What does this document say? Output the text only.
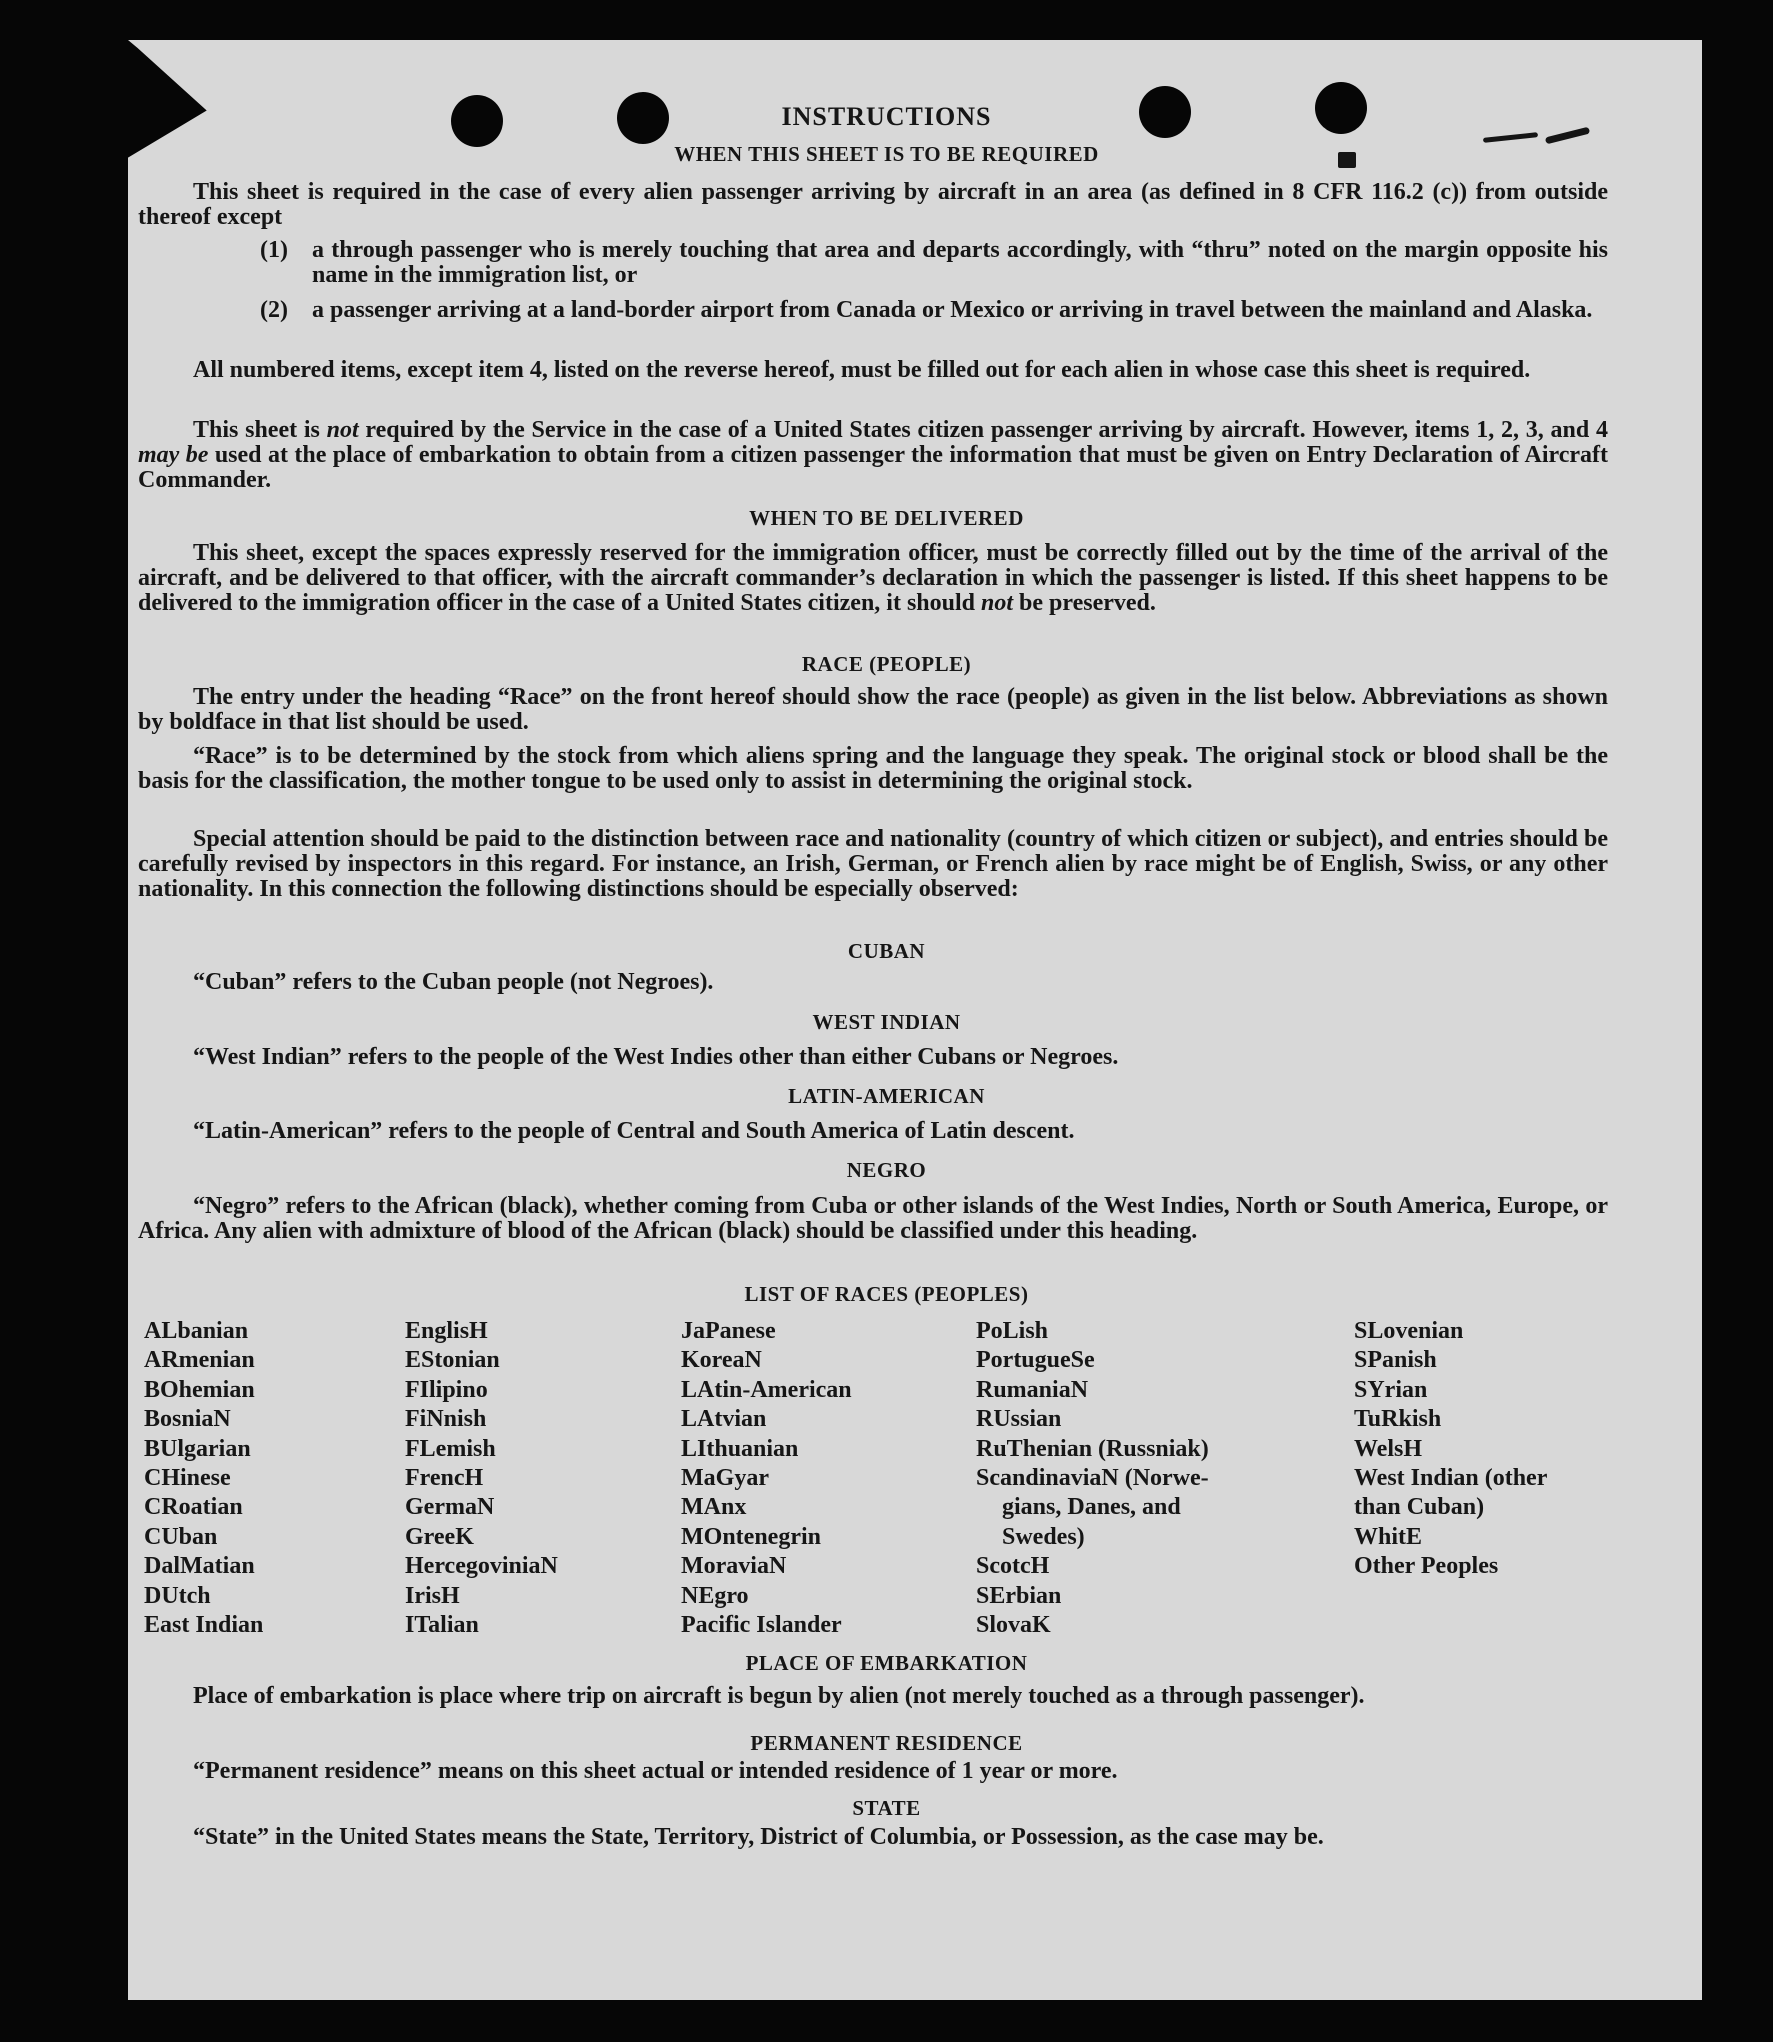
INSTRUCTIONS
WHEN THIS SHEET IS TO BE REQUIRED
This sheet is required in the case of every alien passenger arriving by aircraft in an area (as defined in 8 CFR 116.2 (c)) from outside thereof except
(1) a through passenger who is merely touching that area and departs accordingly, with “thru” noted on the margin opposite his name in the immigration list, or
(2) a passenger arriving at a land-border airport from Canada or Mexico or arriving in travel between the mainland and Alaska.
All numbered items, except item 4, listed on the reverse hereof, must be filled out for each alien in whose case this sheet is required.
This sheet is not required by the Service in the case of a United States citizen passenger arriving by aircraft. However, items 1, 2, 3, and 4 may be used at the place of embarkation to obtain from a citizen passenger the information that must be given on Entry Declaration of Aircraft Commander.
WHEN TO BE DELIVERED
This sheet, except the spaces expressly reserved for the immigration officer, must be correctly filled out by the time of the arrival of the aircraft, and be delivered to that officer, with the aircraft commander’s declaration in which the passenger is listed. If this sheet happens to be delivered to the immigration officer in the case of a United States citizen, it should not be preserved.
RACE (PEOPLE)
The entry under the heading “Race” on the front hereof should show the race (people) as given in the list below. Abbreviations as shown by boldface in that list should be used.
“Race” is to be determined by the stock from which aliens spring and the language they speak. The original stock or blood shall be the basis for the classification, the mother tongue to be used only to assist in determining the original stock.
Special attention should be paid to the distinction between race and nationality (country of which citizen or subject), and entries should be carefully revised by inspectors in this regard. For instance, an Irish, German, or French alien by race might be of English, Swiss, or any other nationality. In this connection the following distinctions should be especially observed:
CUBAN
“Cuban” refers to the Cuban people (not Negroes).
WEST INDIAN
“West Indian” refers to the people of the West Indies other than either Cubans or Negroes.
LATIN-AMERICAN
“Latin-American” refers to the people of Central and South America of Latin descent.
NEGRO
“Negro” refers to the African (black), whether coming from Cuba or other islands of the West Indies, North or South America, Europe, or Africa. Any alien with admixture of blood of the African (black) should be classified under this heading.
LIST OF RACES (PEOPLES)
ALbanian
ARmenian
BOhemian
BosniaN
BUlgarian
CHinese
CRoatian
CUban
DalMatian
DUtch
East Indian
EnglisH
EStonian
FIlipino
FiNnish
FLemish
FrencH
GermaN
GreeK
HercegoviniaN
IrisH
ITalian
JaPanese
KoreaN
LAtin-American
LAtvian
LIthuanian
MaGyar
MAnx
MOntenegrin
MoraviaN
NEgro
Pacific Islander
PoLish
PortugueSe
RumaniaN
RUssian
RuThenian (Russniak)
ScandinaviaN (Norwe-
gians, Danes, and
Swedes)
ScotcH
SErbian
SlovaK
SLovenian
SPanish
SYrian
TuRkish
WelsH
West Indian (other
than Cuban)
WhitE
Other Peoples
PLACE OF EMBARKATION
Place of embarkation is place where trip on aircraft is begun by alien (not merely touched as a through passenger).
PERMANENT RESIDENCE
“Permanent residence” means on this sheet actual or intended residence of 1 year or more.
STATE
“State” in the United States means the State, Territory, District of Columbia, or Possession, as the case may be.
